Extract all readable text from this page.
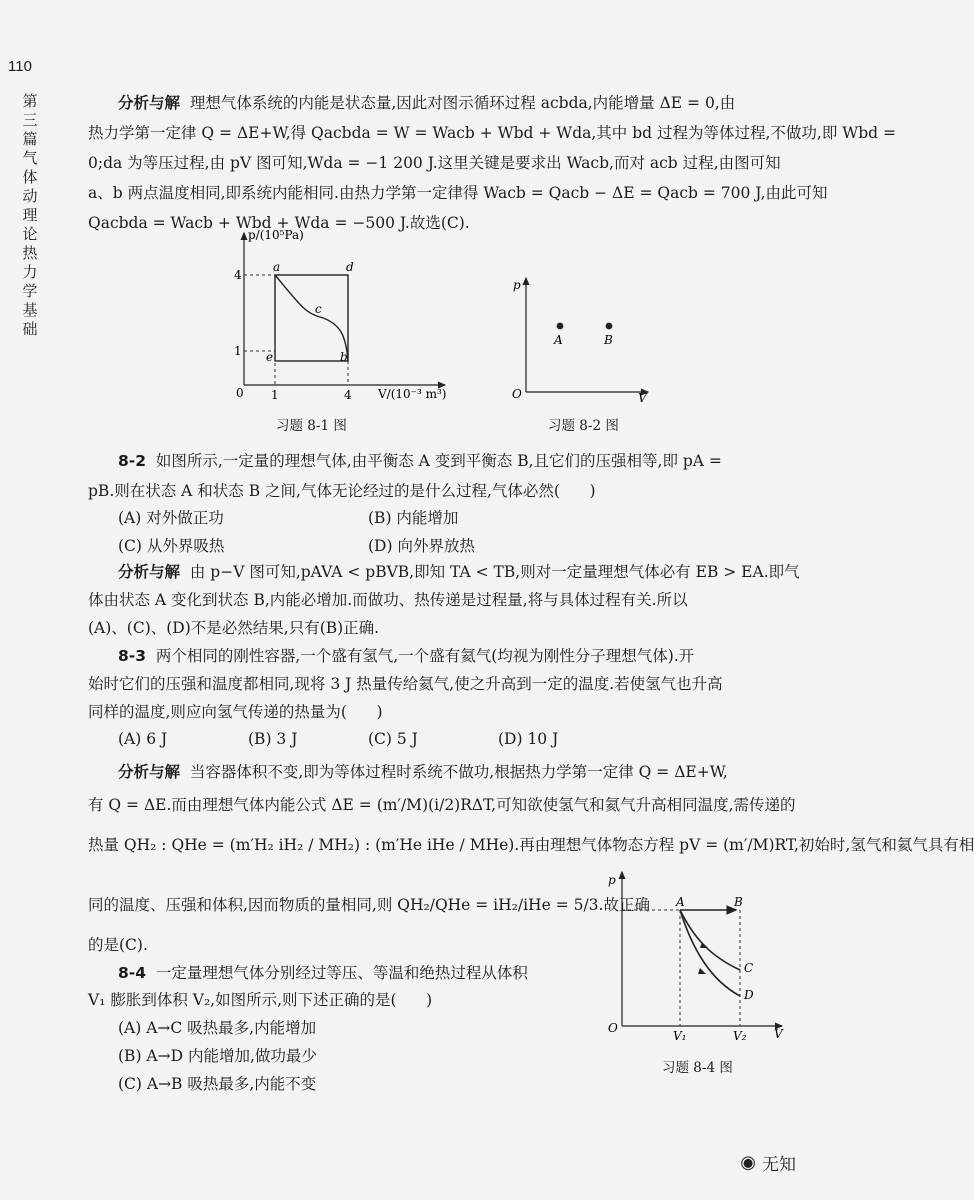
110
第三篇 气体动理论 热力学基础
分析与解 理想气体系统的内能是状态量,因此对图示循环过程 acbda,内能增量 ΔE = 0,由
热力学第一定律 Q = ΔE+W,得 Qacbda = W = Wacb + Wbd + Wda,其中 bd 过程为等体过程,不做功,即 Wbd =
0;da 为等压过程,由 pV 图可知,Wda = −1 200 J.这里关键是要求出 Wacb,而对 acb 过程,由图可知
a、b 两点温度相同,即系统内能相同.由热力学第一定律得 Wacb = Qacb − ΔE = Qacb = 700 J,由此可知
Qacbda = Wacb + Wbd + Wda = −500 J.故选(C).
p/(10⁵Pa)
V/(10⁻³ m³)
4
1
0 1	4
a	d
c
e	b
习题 8-1 图
p
V
O
A	B
习题 8-2 图
8-2 如图所示,一定量的理想气体,由平衡态 A 变到平衡态 B,且它们的压强相等,即 pA =
pB.则在状态 A 和状态 B 之间,气体无论经过的是什么过程,气体必然(      )
(A) 对外做正功	(B) 内能增加
(C) 从外界吸热	(D) 向外界放热
分析与解 由 p−V 图可知,pAVA < pBVB,即知 TA < TB,则对一定量理想气体必有 EB > EA.即气
体由状态 A 变化到状态 B,内能必增加.而做功、热传递是过程量,将与具体过程有关.所以
(A)、(C)、(D)不是必然结果,只有(B)正确.
8-3 两个相同的刚性容器,一个盛有氢气,一个盛有氦气(均视为刚性分子理想气体).开
始时它们的压强和温度都相同,现将 3 J 热量传给氦气,使之升高到一定的温度.若使氢气也升高
同样的温度,则应向氢气传递的热量为(      )
(A) 6 J	(B) 3 J	(C) 5 J	(D) 10 J
分析与解 当容器体积不变,即为等体过程时系统不做功,根据热力学第一定律 Q = ΔE+W,
有 Q = ΔE.而由理想气体内能公式 ΔE = (m′/M)(i/2)RΔT,可知欲使氢气和氦气升高相同温度,需传递的
热量 QH₂ : QHe = (m′H₂ iH₂ / MH₂) : (m′He iHe / MHe).再由理想气体物态方程 pV = (m′/M)RT,初始时,氢气和氦气具有相
同的温度、压强和体积,因而物质的量相同,则 QH₂/QHe = iH₂/iHe = 5/3.故正确
的是(C).
8-4 一定量理想气体分别经过等压、等温和绝热过程从体积
V₁ 膨胀到体积 V₂,如图所示,则下述正确的是(      )
(A) A→C 吸热最多,内能增加
(B) A→D 内能增加,做功最少
(C) A→B 吸热最多,内能不变
p
V
O
A	B
C
D
V₁	V₂
习题 8-4 图
◉ 无知
